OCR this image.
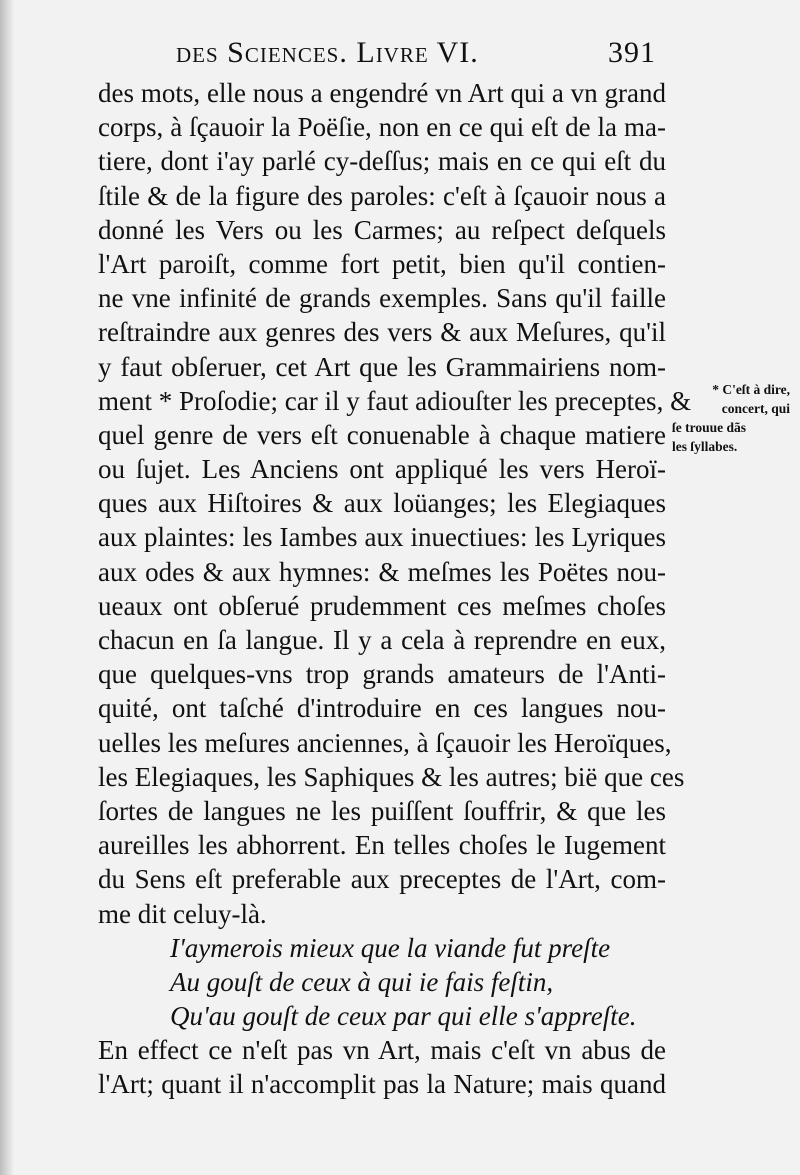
des Sciences. Livre VI.	391
des mots, elle nous a engendré vn Art qui a vn grand
corps, à ſçauoir la Poëſie, non en ce qui eſt de la ma-
tiere, dont i'ay parlé cy-deſſus; mais en ce qui eſt du
ſtile & de la figure des paroles: c'eſt à ſçauoir nous a
donné les Vers ou les Carmes; au reſpect deſquels
l'Art paroiſt, comme fort petit, bien qu'il contien-
ne vne infinité de grands exemples. Sans qu'il faille
reſtraindre aux genres des vers & aux Meſures, qu'il
y faut obſeruer, cet Art que les Grammairiens nom-
ment * Proſodie; car il y faut adiouſter les preceptes, &
quel genre de vers eſt conuenable à chaque matiere
ou ſujet. Les Anciens ont appliqué les vers Heroï-
ques aux Hiſtoires & aux loüanges; les Elegiaques
aux plaintes: les Iambes aux inuectiues: les Lyriques
aux odes & aux hymnes: & meſmes les Poëtes nou-
ueaux ont obſerué prudemment ces meſmes choſes
chacun en ſa langue. Il y a cela à reprendre en eux,
que quelques-vns trop grands amateurs de l'Anti-
quité, ont taſché d'introduire en ces langues nou-
uelles les meſures anciennes, à ſçauoir les Heroïques,
les Elegiaques, les Saphiques & les autres; bië que ces
ſortes de langues ne les puiſſent ſouffrir, & que les
aureilles les abhorrent. En telles choſes le Iugement
du Sens eſt preferable aux preceptes de l'Art, com-
me dit celuy-là.
I'aymerois mieux que la viande fut preſte
Au gouſt de ceux à qui ie fais feſtin,
Qu'au gouſt de ceux par qui elle s'appreſte.
En effect ce n'eſt pas vn Art, mais c'eſt vn abus de
l'Art; quant il n'accomplit pas la Nature; mais quand
* C'eſt à dire,
concert, qui
ſe trouue dãs
les ſyllabes.
